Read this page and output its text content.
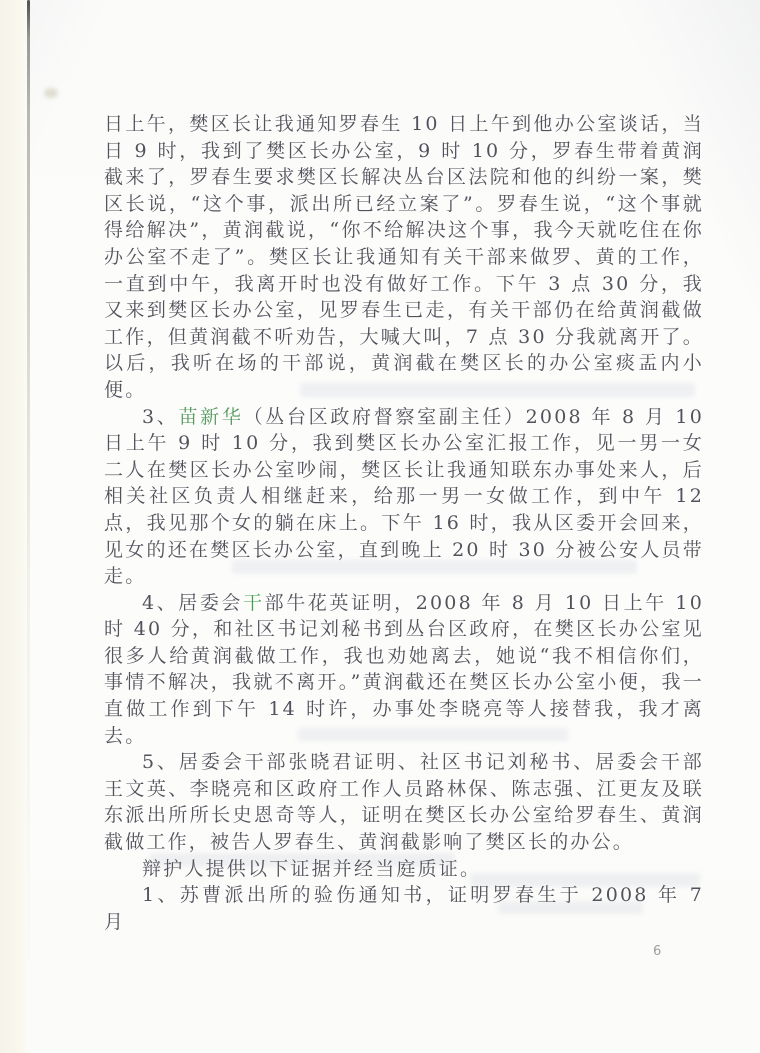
日上午，樊区长让我通知罗春生 10 日上午到他办公室谈话，当日 9 时，我到了樊区长办公室，9 时 10 分，罗春生带着黄润截来了，罗春生要求樊区长解决丛台区法院和他的纠纷一案，樊区长说，“这个事，派出所已经立案了”。罗春生说，“这个事就得给解决”，黄润截说，“你不给解决这个事，我今天就吃住在你办公室不走了”。樊区长让我通知有关干部来做罗、黄的工作，一直到中午，我离开时也没有做好工作。下午 3 点 30 分，我又来到樊区长办公室，见罗春生已走，有关干部仍在给黄润截做工作，但黄润截不听劝告，大喊大叫，7 点 30 分我就离开了。以后，我听在场的干部说，黄润截在樊区长的办公室痰盂内小便。

3、苗新华（丛台区政府督察室副主任）2008 年 8 月 10 日上午 9 时 10 分，我到樊区长办公室汇报工作，见一男一女二人在樊区长办公室吵闹，樊区长让我通知联东办事处来人，后相关社区负责人相继赶来，给那一男一女做工作，到中午 12 点，我见那个女的躺在床上。下午 16 时，我从区委开会回来，见女的还在樊区长办公室，直到晚上 20 时 30 分被公安人员带走。

4、居委会干部牛花英证明，2008 年 8 月 10 日上午 10 时 40 分，和社区书记刘秘书到丛台区政府，在樊区长办公室见很多人给黄润截做工作，我也劝她离去，她说“我不相信你们，事情不解决，我就不离开。”黄润截还在樊区长办公室小便，我一直做工作到下午 14 时许，办事处李晓亮等人接替我，我才离去。

5、居委会干部张晓君证明、社区书记刘秘书、居委会干部王文英、李晓亮和区政府工作人员路林保、陈志强、江更友及联东派出所所长史恩奇等人，证明在樊区长办公室给罗春生、黄润截做工作，被告人罗春生、黄润截影响了樊区长的办公。

辩护人提供以下证据并经当庭质证。

1、苏曹派出所的验伤通知书，证明罗春生于 2008 年 7 月

6
